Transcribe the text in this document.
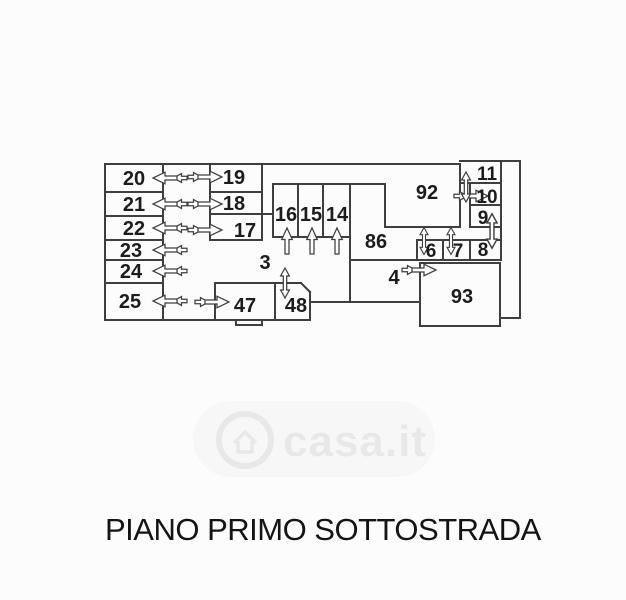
casa.it
20
21
22
23
24
25
19
18
17
16 15 14
3
47 48
86
92
4
93
11
10
9
8
7
6
PIANO PRIMO SOTTOSTRADA
